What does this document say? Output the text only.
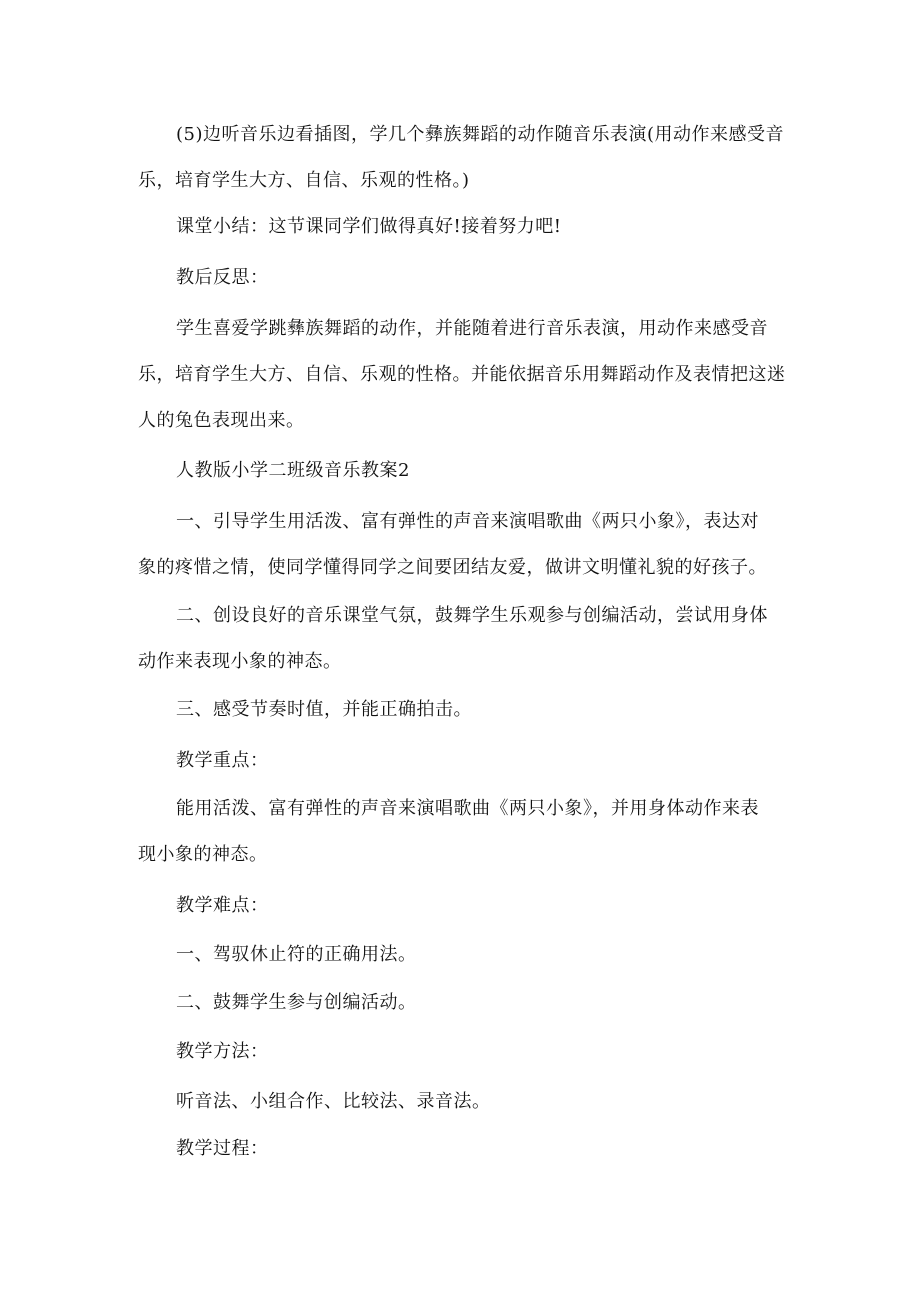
(5)边听音乐边看插图，学几个彝族舞蹈的动作随音乐表演(用动作来感受音
乐，培育学生大方、自信、乐观的性格。)

课堂小结：这节课同学们做得真好!接着努力吧!

教后反思：

学生喜爱学跳彝族舞蹈的动作，并能随着进行音乐表演，用动作来感受音
乐，培育学生大方、自信、乐观的性格。并能依据音乐用舞蹈动作及表情把这迷
人的兔色表现出来。

人教版小学二班级音乐教案2

一、引导学生用活泼、富有弹性的声音来演唱歌曲《两只小象》，表达对
象的疼惜之情，使同学懂得同学之间要团结友爱，做讲文明懂礼貌的好孩子。

二、创设良好的音乐课堂气氛，鼓舞学生乐观参与创编活动，尝试用身体
动作来表现小象的神态。

三、感受节奏时值，并能正确拍击。

教学重点：

能用活泼、富有弹性的声音来演唱歌曲《两只小象》，并用身体动作来表
现小象的神态。

教学难点：

一、驾驭休止符的正确用法。

二、鼓舞学生参与创编活动。

教学方法：

听音法、小组合作、比较法、录音法。

教学过程：
